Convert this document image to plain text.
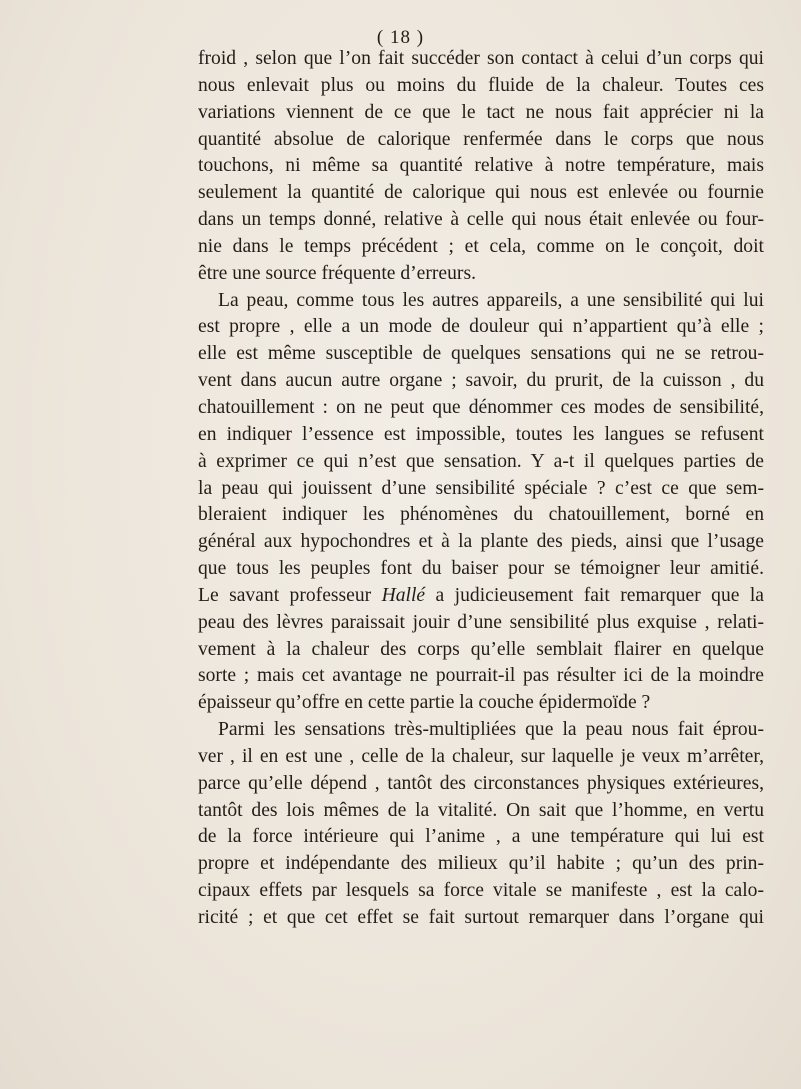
( 18 )
froid , selon que l’on fait succéder son contact à celui d’un corps qui
nous enlevait plus ou moins du fluide de la chaleur. Toutes ces
variations viennent de ce que le tact ne nous fait apprécier ni la
quantité absolue de calorique renfermée dans le corps que nous
touchons, ni même sa quantité relative à notre température, mais
seulement la quantité de calorique qui nous est enlevée ou fournie
dans un temps donné, relative à celle qui nous était enlevée ou four-
nie dans le temps précédent ; et cela, comme on le conçoit, doit
être une source fréquente d’erreurs.
La peau, comme tous les autres appareils, a une sensibilité qui lui
est propre , elle a un mode de douleur qui n’appartient qu’à elle ;
elle est même susceptible de quelques sensations qui ne se retrou-
vent dans aucun autre organe ; savoir, du prurit, de la cuisson , du
chatouillement : on ne peut que dénommer ces modes de sensibilité,
en indiquer l’essence est impossible, toutes les langues se refusent
à exprimer ce qui n’est que sensation. Y a-t il quelques parties de
la peau qui jouissent d’une sensibilité spéciale ? c’est ce que sem-
bleraient indiquer les phénomènes du chatouillement, borné en
général aux hypochondres et à la plante des pieds, ainsi que l’usage
que tous les peuples font du baiser pour se témoigner leur amitié.
Le savant professeur Hallé a judicieusement fait remarquer que la
peau des lèvres paraissait jouir d’une sensibilité plus exquise , relati-
vement à la chaleur des corps qu’elle semblait flairer en quelque
sorte ; mais cet avantage ne pourrait-il pas résulter ici de la moindre
épaisseur qu’offre en cette partie la couche épidermoïde ?
Parmi les sensations très-multipliées que la peau nous fait éprou-
ver , il en est une , celle de la chaleur, sur laquelle je veux m’arrêter,
parce qu’elle dépend , tantôt des circonstances physiques extérieures,
tantôt des lois mêmes de la vitalité. On sait que l’homme, en vertu
de la force intérieure qui l’anime , a une température qui lui est
propre et indépendante des milieux qu’il habite ; qu’un des prin-
cipaux effets par lesquels sa force vitale se manifeste , est la calo-
ricité ; et que cet effet se fait surtout remarquer dans l’organe qui
